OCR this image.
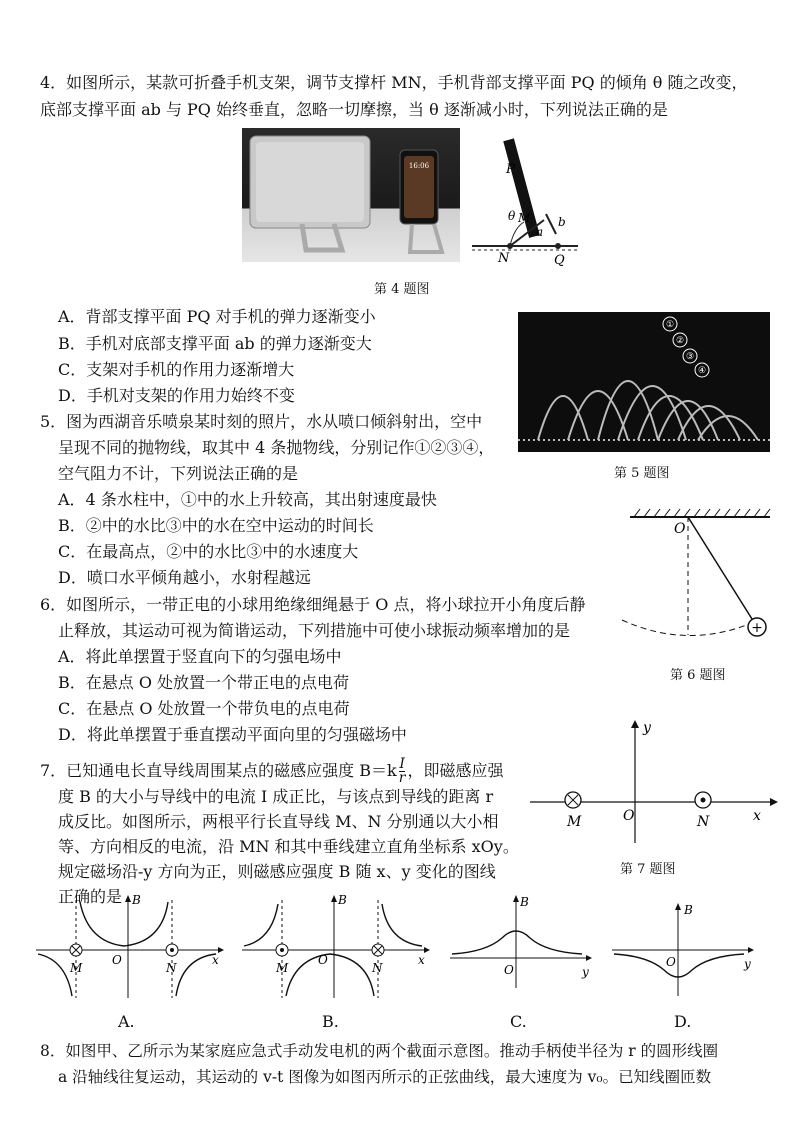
4．如图所示，某款可折叠手机支架，调节支撑杆 MN，手机背部支撑平面 PQ 的倾角 θ 随之改变，
底部支撑平面 ab 与 PQ 始终垂直，忽略一切摩擦，当 θ 逐渐减小时，下列说法正确的是
16:06	P
θ M
a
b
N	Q
第 4 题图
A．背部支撑平面 PQ 对手机的弹力逐渐变小
B．手机对底部支撑平面 ab 的弹力逐渐变大
C．支架对手机的作用力逐渐增大
D．手机对支架的作用力始终不变
①
②
③
④
第 5 题图
5．图为西湖音乐喷泉某时刻的照片，水从喷口倾斜射出，空中
呈现不同的抛物线，取其中 4 条抛物线，分别记作①②③④，
空气阻力不计，下列说法正确的是
A．4 条水柱中，①中的水上升较高，其出射速度最快
B．②中的水比③中的水在空中运动的时间长
C．在最高点，②中的水比③中的水速度大
D．喷口水平倾角越小，水射程越远
+
O
第 6 题图
6．如图所示，一带正电的小球用绝缘细绳悬于 O 点，将小球拉开小角度后静
止释放，其运动可视为简谐运动，下列措施中可使小球振动频率增加的是
A．将此单摆置于竖直向下的匀强电场中
B．在悬点 O 处放置一个带正电的点电荷
C．在悬点 O 处放置一个带负电的点电荷
D．将此单摆置于垂直摆动平面向里的匀强磁场中
7．已知通电长直导线周围某点的磁感应强度 $B=k \frac{I}{r}$ ，即磁感应强
度 B 的大小与导线中的电流 I 成正比，与该点到导线的距离 r
成反比。如图所示，两根平行长直导线 M、N 分别通以大小相
等、方向相反的电流，沿 MN 和其中垂线建立直角坐标系 xOy。
规定磁场沿-y 方向为正，则磁感应强度 B 随 x、y 变化的图线
正确的是
y
x
O
M	N
第 7 题图
B
O
M	N
x
A.
B
O
M	N
x
B.
B
O	y
C.
B
O	y
D.
8．如图甲、乙所示为某家庭应急式手动发电机的两个截面示意图。推动手柄使半径为 r 的圆形线圈
a 沿轴线往复运动，其运动的 v-t 图像为如图丙所示的正弦曲线，最大速度为 v₀。已知线圈匝数
